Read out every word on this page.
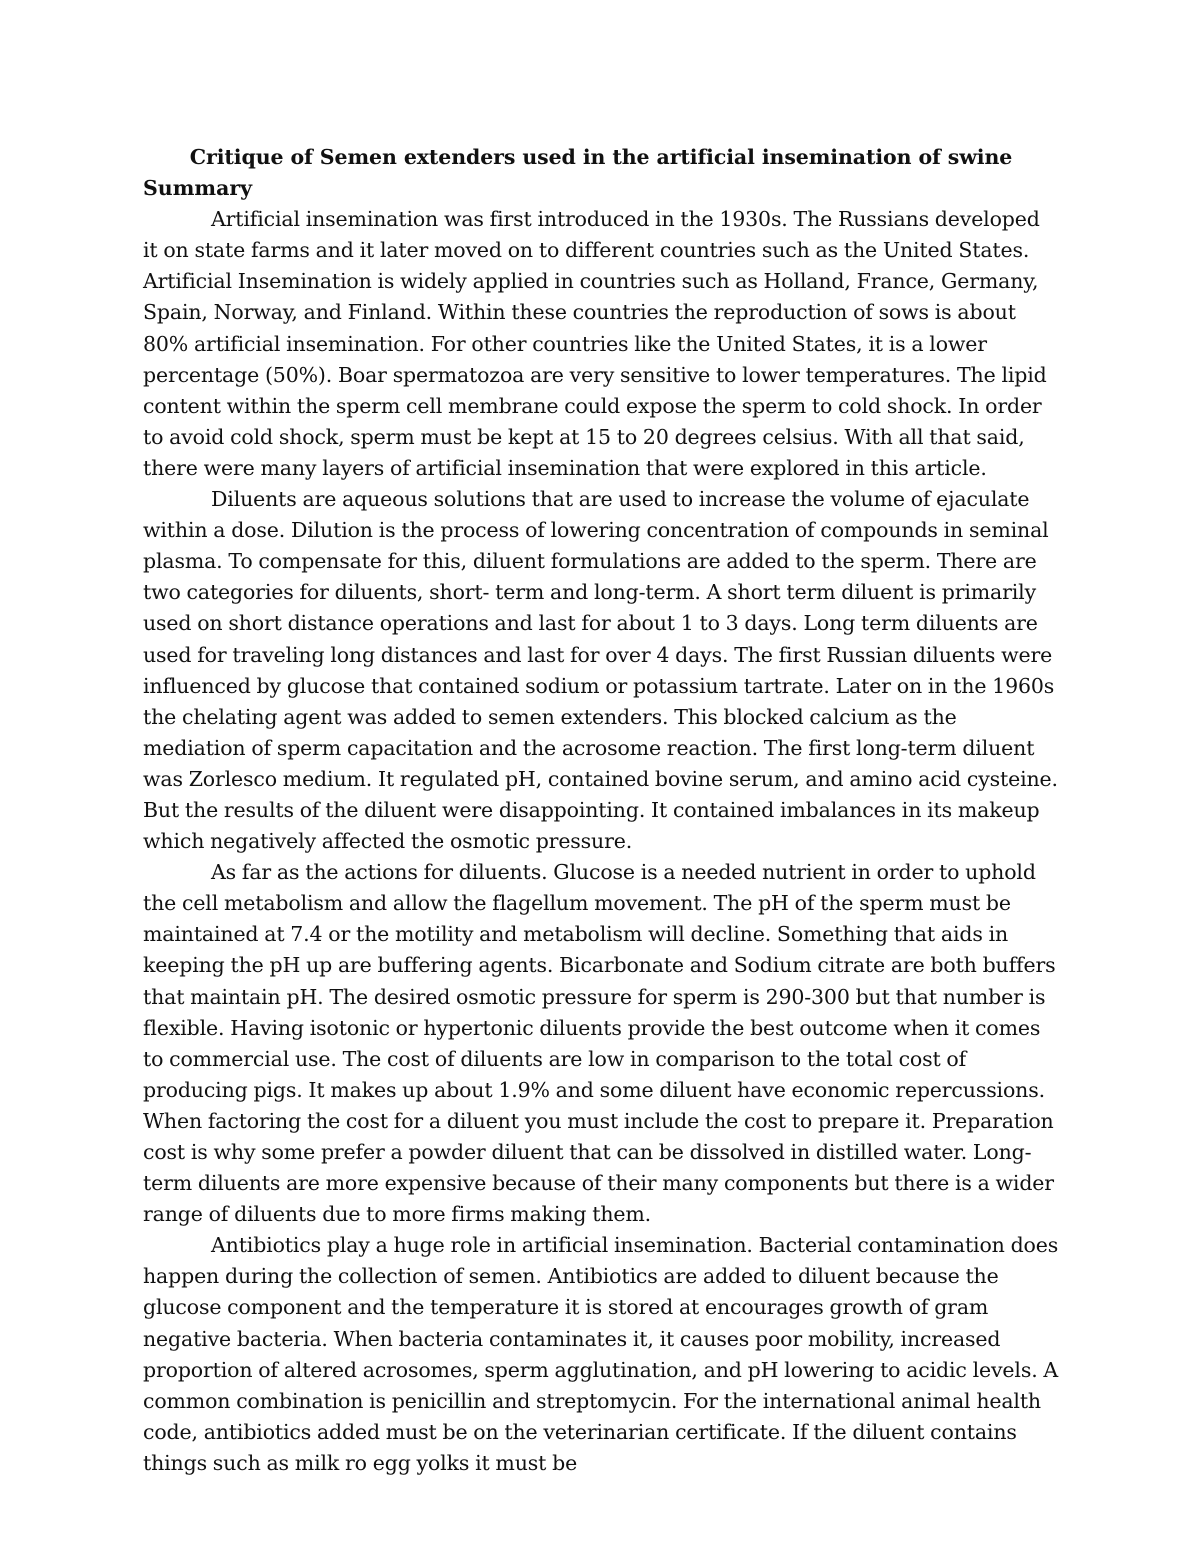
Critique of Semen extenders used in the artificial insemination of swine

Summary

Artificial insemination was first introduced in the 1930s. The Russians developed it on state farms and it later moved on to different countries such as the United States. Artificial Insemination is widely applied in countries such as Holland, France, Germany, Spain, Norway, and Finland. Within these countries the reproduction of sows is about 80% artificial insemination. For other countries like the United States, it is a lower percentage (50%). Boar spermatozoa are very sensitive to lower temperatures. The lipid content within the sperm cell membrane could expose the sperm to cold shock. In order to avoid cold shock, sperm must be kept at 15 to 20 degrees celsius. With all that said, there were many layers of artificial insemination that were explored in this article.

Diluents are aqueous solutions that are used to increase the volume of ejaculate within a dose. Dilution is the process of lowering concentration of compounds in seminal plasma. To compensate for this, diluent formulations are added to the sperm. There are two categories for diluents, short- term and long-term. A short term diluent is primarily used on short distance operations and last for about 1 to 3 days. Long term diluents are used for traveling long distances and last for over 4 days. The first Russian diluents were influenced by glucose that contained sodium or potassium tartrate. Later on in the 1960s the chelating agent was added to semen extenders. This blocked calcium as the mediation of sperm capacitation and the acrosome reaction. The first long-term diluent was Zorlesco medium. It regulated pH, contained bovine serum, and amino acid cysteine. But the results of the diluent were disappointing. It contained imbalances in its makeup which negatively affected the osmotic pressure.

As far as the actions for diluents. Glucose is a needed nutrient in order to uphold the cell metabolism and allow the flagellum movement. The pH of the sperm must be maintained at 7.4 or the motility and metabolism will decline. Something that aids in keeping the pH up are buffering agents. Bicarbonate and Sodium citrate are both buffers that maintain pH. The desired osmotic pressure for sperm is 290-300 but that number is flexible. Having isotonic or hypertonic diluents provide the best outcome when it comes to commercial use. The cost of diluents are low in comparison to the total cost of producing pigs. It makes up about 1.9% and some diluent have economic repercussions. When factoring the cost for a diluent you must include the cost to prepare it. Preparation cost is why some prefer a powder diluent that can be dissolved in distilled water. Long-term diluents are more expensive because of their many components but there is a wider range of diluents due to more firms making them.

Antibiotics play a huge role in artificial insemination. Bacterial contamination does happen during the collection of semen. Antibiotics are added to diluent because the glucose component and the temperature it is stored at encourages growth of gram negative bacteria. When bacteria contaminates it, it causes poor mobility, increased proportion of altered acrosomes, sperm agglutination, and pH lowering to acidic levels. A common combination is penicillin and streptomycin. For the international animal health code, antibiotics added must be on the veterinarian certificate. If the diluent contains things such as milk ro egg yolks it must be
